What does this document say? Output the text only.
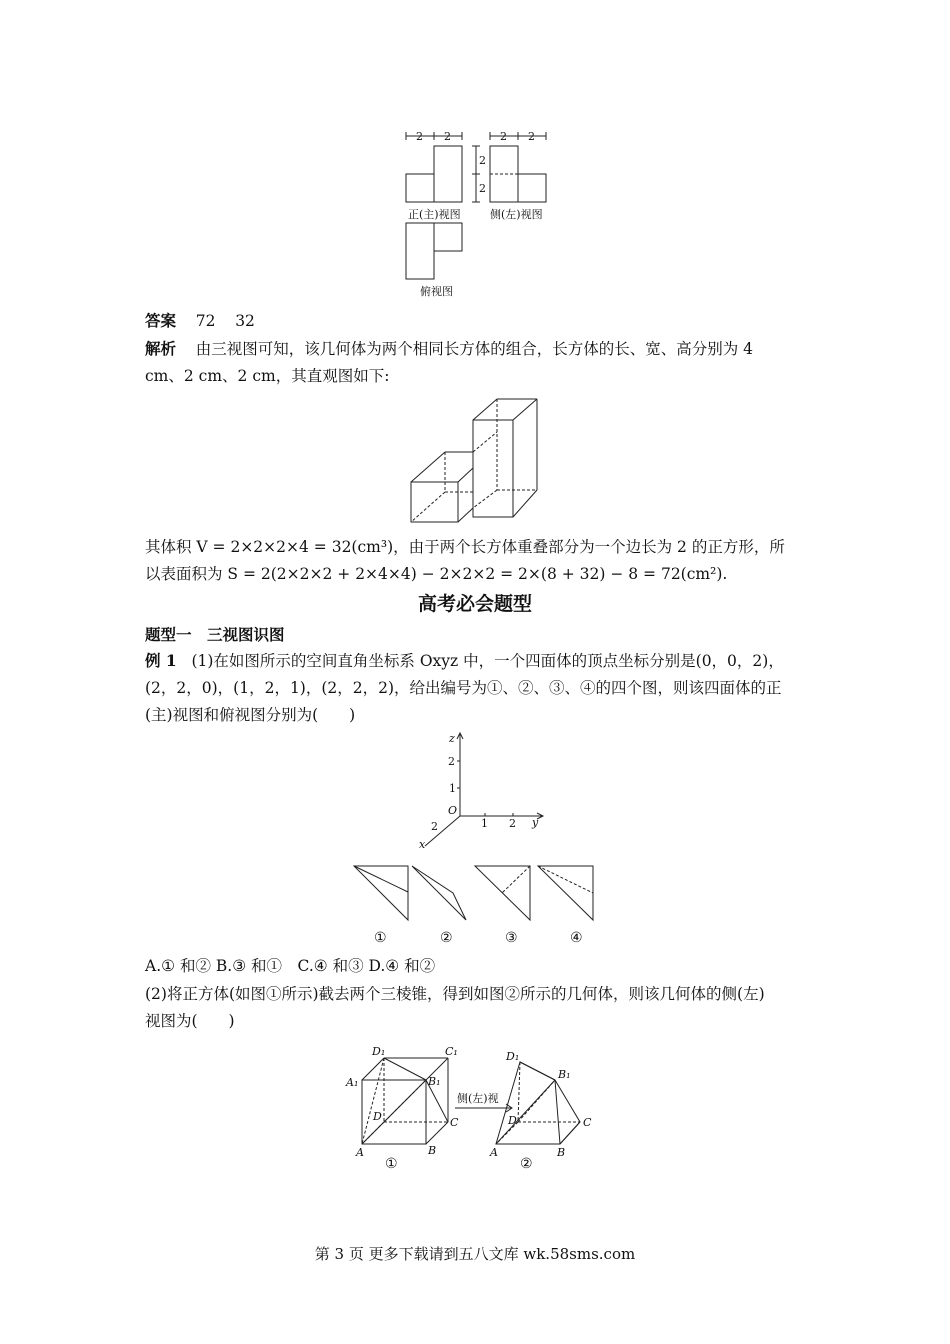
2 2	2 2
2
2
正(主)视图	侧(左)视图
俯视图
答案 72 32
解析 由三视图可知，该几何体为两个相同长方体的组合，长方体的长、宽、高分别为 4
cm、2 cm、2 cm，其直观图如下:
其体积 V = 2×2×2×4 = 32(cm³)，由于两个长方体重叠部分为一个边长为 2 的正方形，所
以表面积为 S = 2(2×2×2 + 2×4×4) − 2×2×2 = 2×(8 + 32) − 8 = 72(cm²).
高考必会题型
题型一　三视图识图
例 1 (1)在如图所示的空间直角坐标系 Oxyz 中，一个四面体的顶点坐标分别是(0，0，2)，
(2，2，0)，(1，2，1)，(2，2，2)，给出编号为①、②、③、④的四个图，则该四面体的正
(主)视图和俯视图分别为(　　)
z
y
x
O
2
1
1 2
2
①	②	③	④
A.① 和② B.③ 和①　C.④ 和③ D.④ 和②
(2)将正方体(如图①所示)截去两个三棱锥，得到如图②所示的几何体，则该几何体的侧(左)
视图为(　　)
D₁	C₁
A₁	B₁
D	C
A	B
D₁
B₁
D	C
A	B
侧(左)视
①	②
第 3 页 更多下载请到五八文库 wk.58sms.com
